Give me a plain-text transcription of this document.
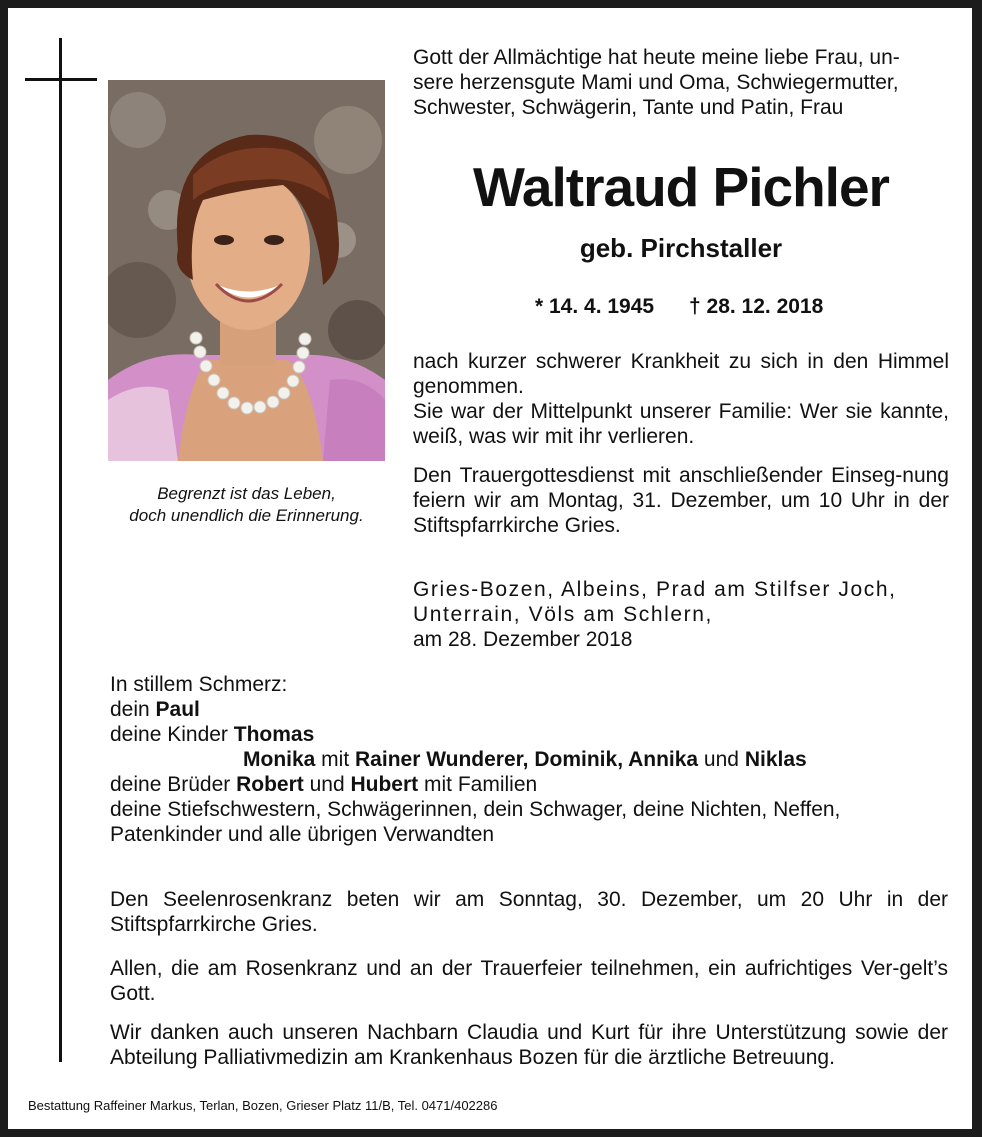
Begrenzt ist das Leben,

doch unendlich die Erinnerung.

Gott der Allmächtige hat heute meine liebe Frau, un-

sere herzensgute Mami und Oma, Schwiegermutter,

Schwester, Schwägerin, Tante und Patin, Frau

Waltraud Pichler
geb. Pirchstaller
* 14. 4. 1945 † 28. 12. 2018

nach kurzer schwerer Krankheit zu sich in den Himmel genommen.

Sie war der Mittelpunkt unserer Familie: Wer sie kannte, weiß, was wir mit ihr verlieren.

Den Trauergottesdienst mit anschließender Einseg-nung feiern wir am Montag, 31. Dezember, um 10 Uhr in der Stiftspfarrkirche Gries.

Gries-Bozen, Albeins, Prad am Stilfser Joch,

Unterrain, Völs am Schlern,

am 28. Dezember 2018

In stillem Schmerz:

dein Paul

deine Kinder Thomas

Monika mit Rainer Wunderer, Dominik, Annika und Niklas

deine Brüder Robert und Hubert mit Familien

deine Stiefschwestern, Schwägerinnen, dein Schwager, deine Nichten, Neffen,

Patenkinder und alle übrigen Verwandten

Den Seelenrosenkranz beten wir am Sonntag, 30. Dezember, um 20 Uhr in der Stiftspfarrkirche Gries.
Allen, die am Rosenkranz und an der Trauerfeier teilnehmen, ein aufrichtiges Ver-gelt’s Gott.
Wir danken auch unseren Nachbarn Claudia und Kurt für ihre Unterstützung sowie der Abteilung Palliativmedizin am Krankenhaus Bozen für die ärztliche Betreuung.
Bestattung Raffeiner Markus, Terlan, Bozen, Grieser Platz 11/B, Tel. 0471/402286
